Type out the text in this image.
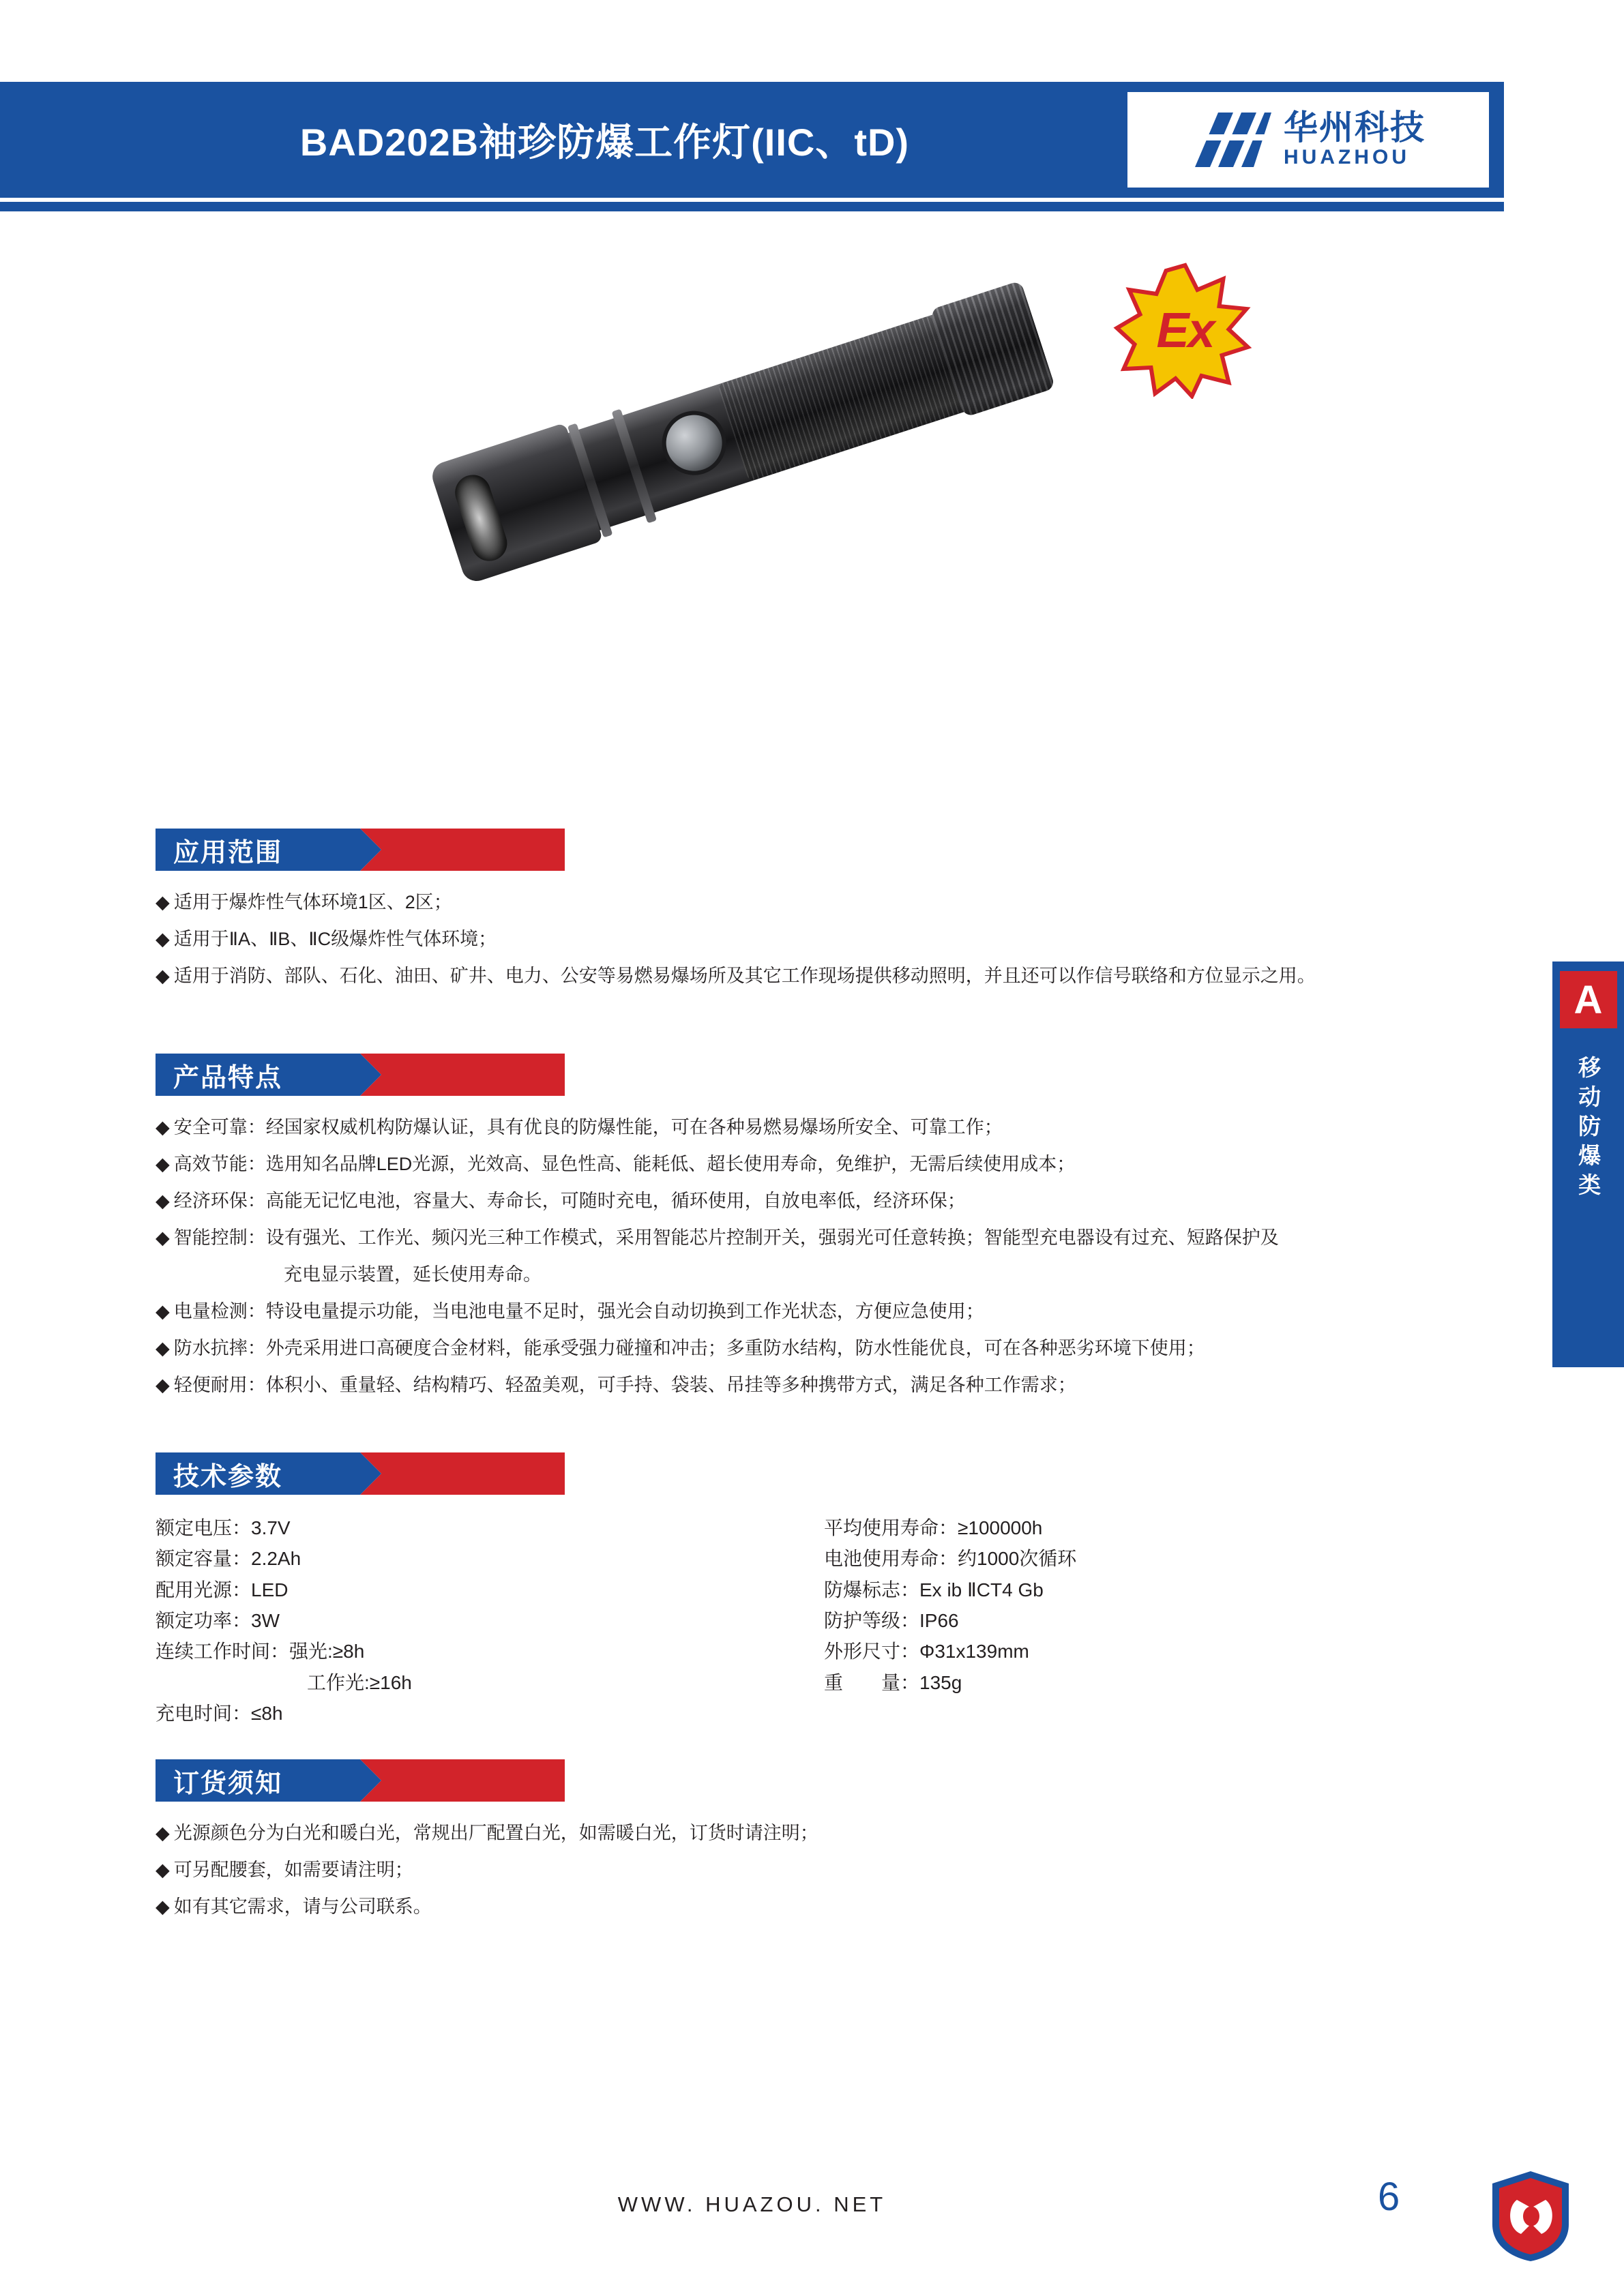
BAD202B袖珍防爆工作灯(IIC、tD)	华州科技
HUAZHOU
Ex
应用范围

◆ 适用于爆炸性气体环境1区、2区；

◆ 适用于ⅡA、ⅡB、ⅡC级爆炸性气体环境；

◆ 适用于消防、部队、石化、油田、矿井、电力、公安等易燃易爆场所及其它工作现场提供移动照明，并且还可以作信号联络和方位显示之用。

产品特点

◆ 安全可靠：经国家权威机构防爆认证，具有优良的防爆性能，可在各种易燃易爆场所安全、可靠工作；

◆ 高效节能：选用知名品牌LED光源，光效高、显色性高、能耗低、超长使用寿命，免维护，无需后续使用成本；

◆ 经济环保：高能无记忆电池，容量大、寿命长，可随时充电，循环使用，自放电率低，经济环保；

◆ 智能控制：设有强光、工作光、频闪光三种工作模式，采用智能芯片控制开关，强弱光可任意转换；智能型充电器设有过充、短路保护及

充电显示装置，延长使用寿命。

◆ 电量检测：特设电量提示功能，当电池电量不足时，强光会自动切换到工作光状态，方便应急使用；

◆ 防水抗摔：外壳采用进口高硬度合金材料，能承受强力碰撞和冲击；多重防水结构，防水性能优良，可在各种恶劣环境下使用；

◆ 轻便耐用：体积小、重量轻、结构精巧、轻盈美观，可手持、袋装、吊挂等多种携带方式，满足各种工作需求；

技术参数
额定电压：3.7V
额定容量：2.2Ah
配用光源：LED
额定功率：3W
连续工作时间：强光:≥8h
工作光:≥16h
充电时间：≤8h
平均使用寿命：≥100000h
电池使用寿命：约1000次循环
防爆标志：Ex ib ⅡCT4 Gb
防护等级：IP66
外形尺寸：Φ31x139mm
重　　量：135g
订货须知

◆ 光源颜色分为白光和暖白光，常规出厂配置白光，如需暖白光，订货时请注明；

◆ 可另配腰套，如需要请注明；

◆ 如有其它需求，请与公司联系。

A
移动防爆类
WWW. HUAZOU. NET	6
